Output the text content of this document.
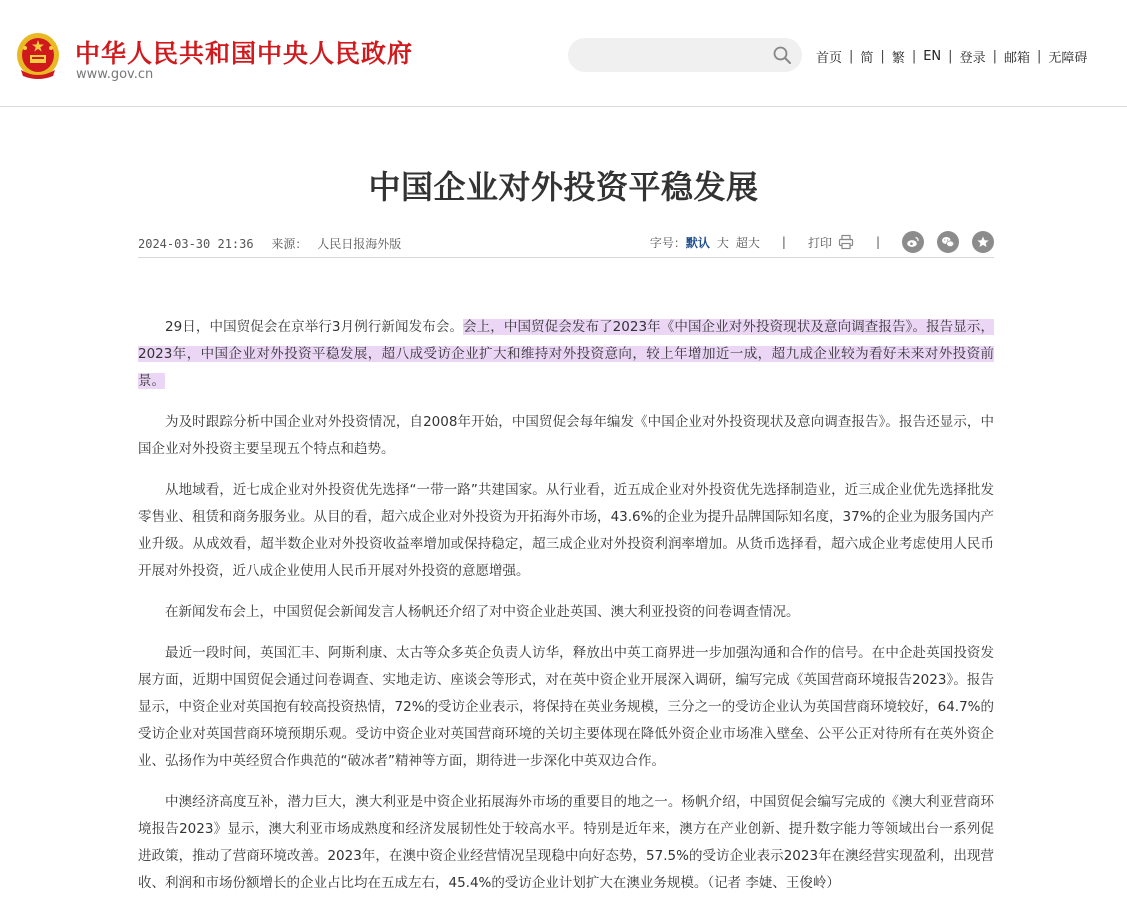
中华人民共和国中央人民政府
www.gov.cn
首页 | 简 | 繁 | EN | 登录 | 邮箱 | 无障碍
中国企业对外投资平稳发展
2024-03-30 21:36 来源： 人民日报海外版	字号： 默认 大 超大 | 打印	|

29日，中国贸促会在京举行3月例行新闻发布会。会上，中国贸促会发布了2023年《中国企业对外投资现状及意向调查报告》。报告显示，2023年，中国企业对外投资平稳发展，超八成受访企业扩大和维持对外投资意向，较上年增加近一成，超九成企业较为看好未来对外投资前景。

为及时跟踪分析中国企业对外投资情况，自2008年开始，中国贸促会每年编发《中国企业对外投资现状及意向调查报告》。报告还显示，中国企业对外投资主要呈现五个特点和趋势。

从地域看，近七成企业对外投资优先选择“一带一路”共建国家。从行业看，近五成企业对外投资优先选择制造业，近三成企业优先选择批发零售业、租赁和商务服务业。从目的看，超六成企业对外投资为开拓海外市场，43.6%的企业为提升品牌国际知名度，37%的企业为服务国内产业升级。从成效看，超半数企业对外投资收益率增加或保持稳定，超三成企业对外投资利润率增加。从货币选择看，超六成企业考虑使用人民币开展对外投资，近八成企业使用人民币开展对外投资的意愿增强。

在新闻发布会上，中国贸促会新闻发言人杨帆还介绍了对中资企业赴英国、澳大利亚投资的问卷调查情况。

最近一段时间，英国汇丰、阿斯利康、太古等众多英企负责人访华，释放出中英工商界进一步加强沟通和合作的信号。在中企赴英国投资发展方面，近期中国贸促会通过问卷调查、实地走访、座谈会等形式，对在英中资企业开展深入调研，编写完成《英国营商环境报告2023》。报告显示，中资企业对英国抱有较高投资热情，72%的受访企业表示，将保持在英业务规模，三分之一的受访企业认为英国营商环境较好，64.7%的受访企业对英国营商环境预期乐观。受访中资企业对英国营商环境的关切主要体现在降低外资企业市场准入壁垒、公平公正对待所有在英外资企业、弘扬作为中英经贸合作典范的“破冰者”精神等方面，期待进一步深化中英双边合作。

中澳经济高度互补，潜力巨大，澳大利亚是中资企业拓展海外市场的重要目的地之一。杨帆介绍，中国贸促会编写完成的《澳大利亚营商环境报告2023》显示，澳大利亚市场成熟度和经济发展韧性处于较高水平。特别是近年来，澳方在产业创新、提升数字能力等领域出台一系列促进政策，推动了营商环境改善。2023年，在澳中资企业经营情况呈现稳中向好态势，57.5%的受访企业表示2023年在澳经营实现盈利，出现营收、利润和市场份额增长的企业占比均在五成左右，45.4%的受访企业计划扩大在澳业务规模。（记者 李婕、王俊岭）
